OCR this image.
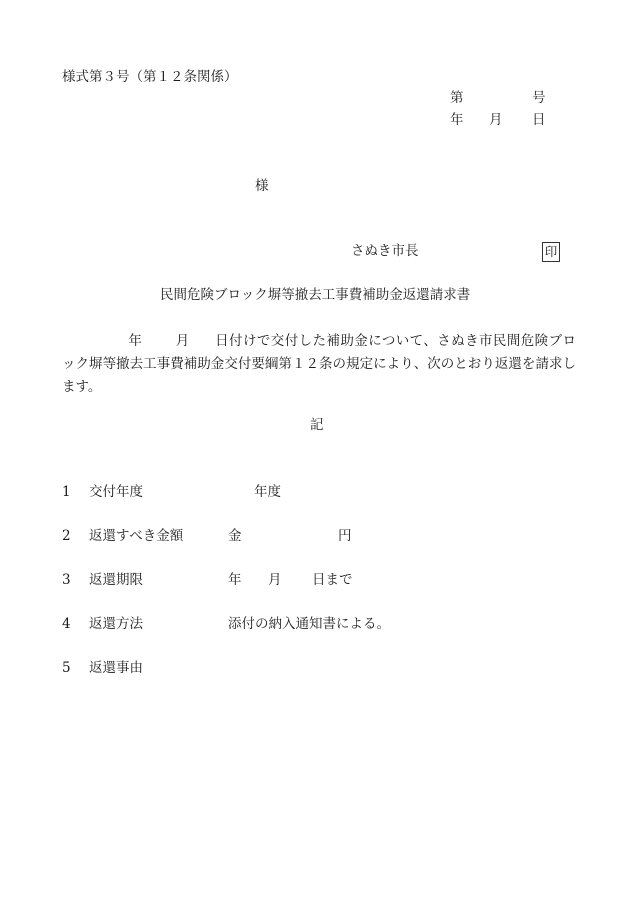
様式第３号（第１２条関係）
第	号
年 月 日
様
さぬき市長	印
民間危険ブロック塀等撤去工事費補助金返還請求書
年 月 日付けで交付した補助金について、さぬき市民間危険ブロック塀等撤去工事費補助金交付要綱第１２条の規定により、次のとおり返還を請求します。
記
1 交付年度	年度
2 返還すべき金額	金	円
3 返還期限	年 月 日まで
4 返還方法	添付の納入通知書による。
5 返還事由
